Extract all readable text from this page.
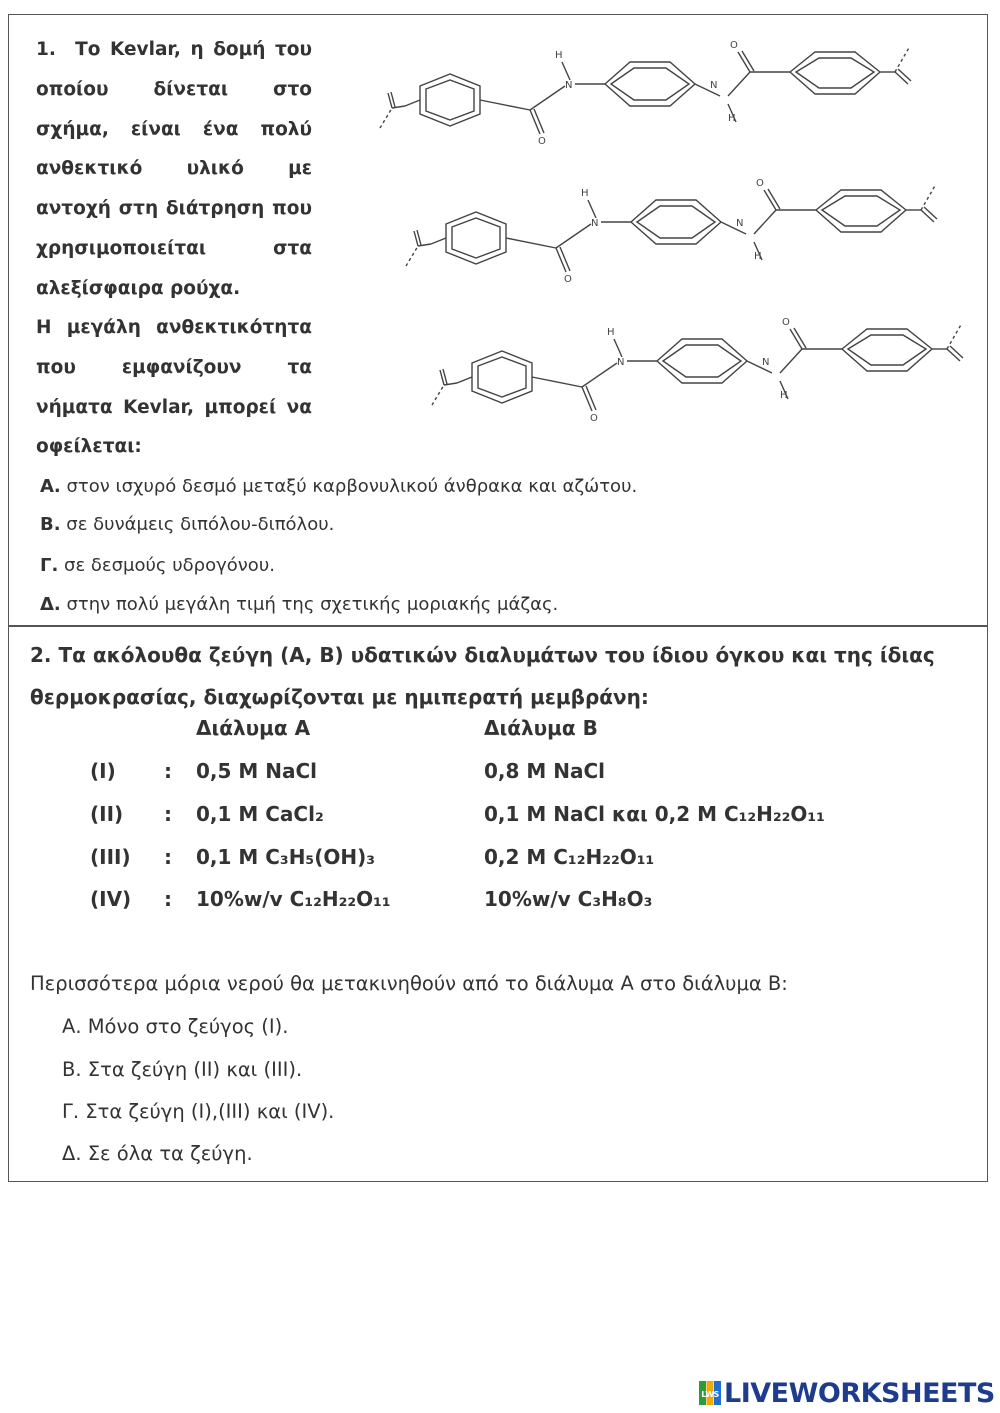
1. Το Kevlar, η δομή του
οποίου δίνεται στο
σχήμα, είναι ένα πολύ
ανθεκτικό υλικό με
αντοχή στη διάτρηση που
χρησιμοποιείται στα
αλεξίσφαιρα ρούχα.
Η μεγάλη ανθεκτικότητα
που εμφανίζουν τα
νήματα Kevlar, μπορεί να
οφείλεται:
N
H
N
H
O
O
N
H
N
H
O
O
N
H
N
H
O
O
Α. στον ισχυρό δεσμό μεταξύ καρβονυλικού άνθρακα και αζώτου.
Β. σε δυνάμεις διπόλου-διπόλου.
Γ. σε δεσμούς υδρογόνου.
Δ. στην πολύ μεγάλη τιμή της σχετικής μοριακής μάζας.
2. Τα ακόλουθα ζεύγη (Α, Β) υδατικών διαλυμάτων του ίδιου όγκου και της ίδιας
θερμοκρασίας, διαχωρίζονται με ημιπερατή μεμβράνη:
Διάλυμα Α	Διάλυμα Β
(Ι) : 0,5 M NaCl	0,8 M NaCl
(ΙΙ) : 0,1 M CaCl₂	0,1 M NaCl και 0,2 M C₁₂H₂₂O₁₁
(ΙΙΙ) : 0,1 M C₃H₅(OH)₃	0,2 M C₁₂H₂₂O₁₁
(IV) : 10%w/v C₁₂H₂₂O₁₁	10%w/v C₃H₈O₃
Περισσότερα μόρια νερού θα μετακινηθούν από το διάλυμα Α στο διάλυμα Β:
Α. Μόνο στο ζεύγος (Ι).
Β. Στα ζεύγη (ΙΙ) και (ΙΙΙ).
Γ. Στα ζεύγη (Ι),(ΙΙΙ) και (ΙV).
Δ. Σε όλα τα ζεύγη.
LWS LIVEWORKSHEETS
